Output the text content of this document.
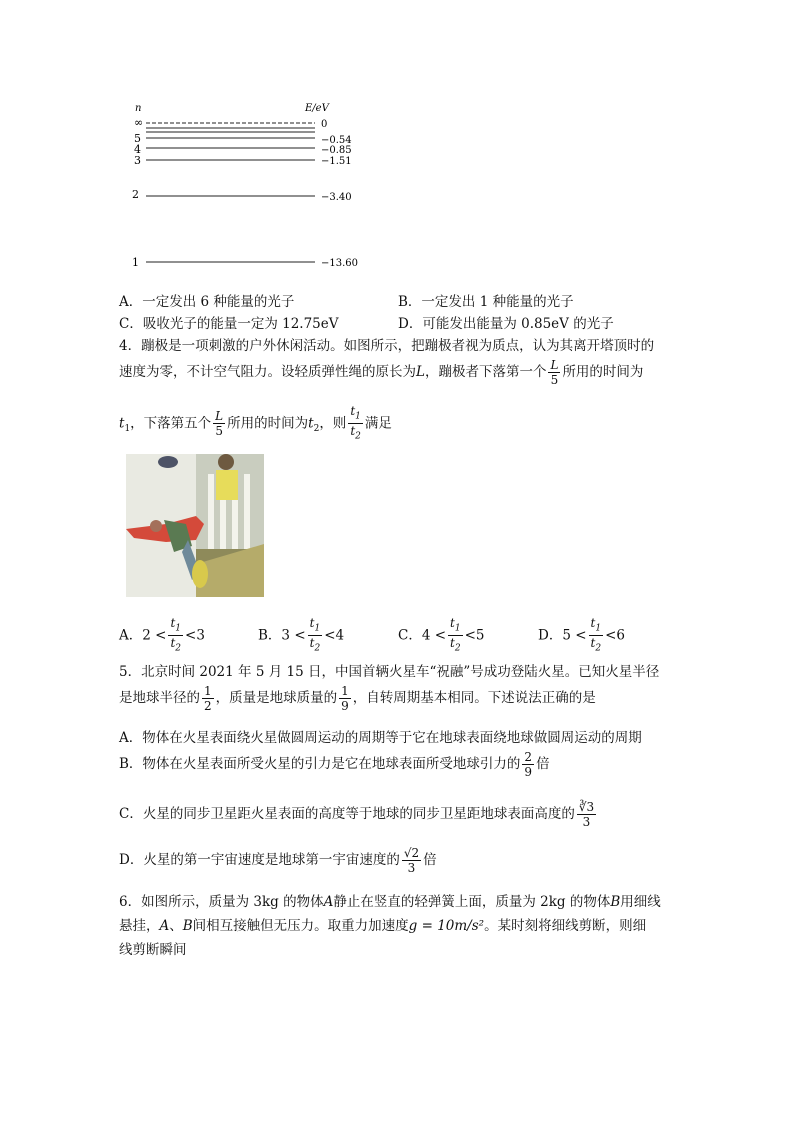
n	E/eV
∞	0
5	−0.54
4	−0.85
3	−1.51
2	−3.40
1	−13.60
A．一定发出 6 种能量的光子	B．一定发出 1 种能量的光子
C．吸收光子的能量一定为 12.75eV	D．可能发出能量为 0.85eV 的光子
4．蹦极是一项刺激的户外休闲活动。如图所示，把蹦极者视为质点，认为其离开塔顶时的
速度为零，不计空气阻力。设轻质弹性绳的原长为L，蹦极者下落第一个 $\frac{L}{5}$ 所用的时间为
$t_1$，下落第五个 $\frac{L}{5}$ 所用的时间为$t_2$，则 $\frac{t_1}{t_2}$ 满足
A．$2 < \frac{t_1}{t_2} <3$	B．$3 < \frac{t_1}{t_2} <4$	C．$4 < \frac{t_1}{t_2} <5$	D．$5 < \frac{t_1}{t_2} <6$
5．北京时间 2021 年 5 月 15 日，中国首辆火星车“祝融”号成功登陆火星。已知火星半径
是地球半径的 $\frac{1}{2}$ ，质量是地球质量的 $\frac{1}{9}$ ，自转周期基本相同。下述说法正确的是
A．物体在火星表面绕火星做圆周运动的周期等于它在地球表面绕地球做圆周运动的周期
B．物体在火星表面所受火星的引力是它在地球表面所受地球引力的 $\frac{2}{9}$ 倍
C．火星的同步卫星距火星表面的高度等于地球的同步卫星距地球表面高度的 $\frac{∛3}{3}$
D．火星的第一宇宙速度是地球第一宇宙速度的 $\frac{√2}{3}$ 倍
6．如图所示，质量为 3kg 的物体A静止在竖直的轻弹簧上面，质量为 2kg 的物体B用细线
悬挂，A、B间相互接触但无压力。取重力加速度g = 10m/s²。某时刻将细线剪断，则细
线剪断瞬间
